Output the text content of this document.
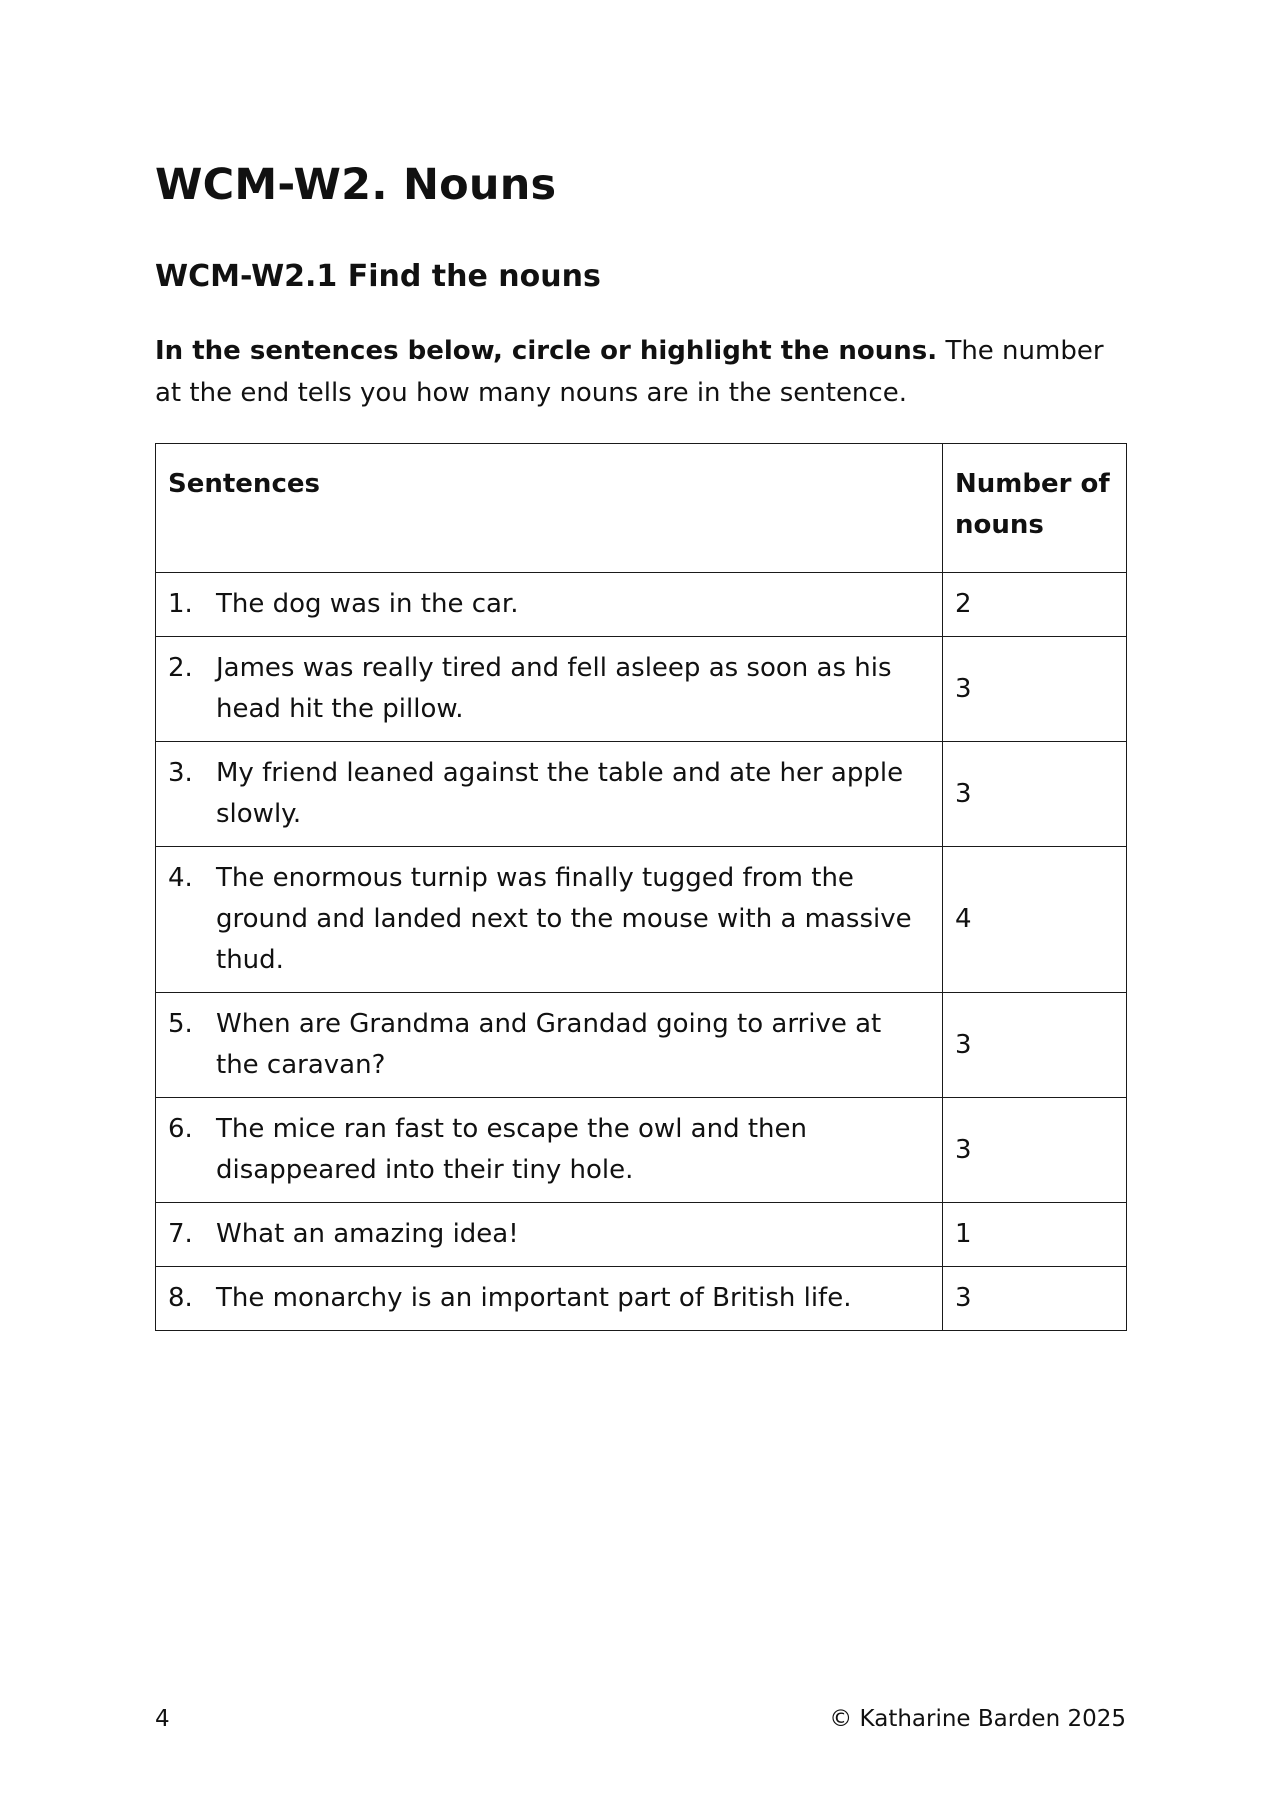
WCM-W2. Nouns
WCM-W2.1 Find the nouns

In the sentences below, circle or highlight the nouns. The number at the end tells you how many nouns are in the sentence.

Sentences	Number of nouns

1. The dog was in the car.	2

2. James was really tired and fell asleep as soon as his head hit the pillow.	3

3. My friend leaned against the table and ate her apple slowly.	3

4. The enormous turnip was finally tugged from the ground and landed next to the mouse with a massive thud.	4

5. When are Grandma and Grandad going to arrive at the caravan?	3

6. The mice ran fast to escape the owl and then disappeared into their tiny hole.	3

7. What an amazing idea!	1

8. The monarchy is an important part of British life.	3
4	© Katharine Barden 2025
